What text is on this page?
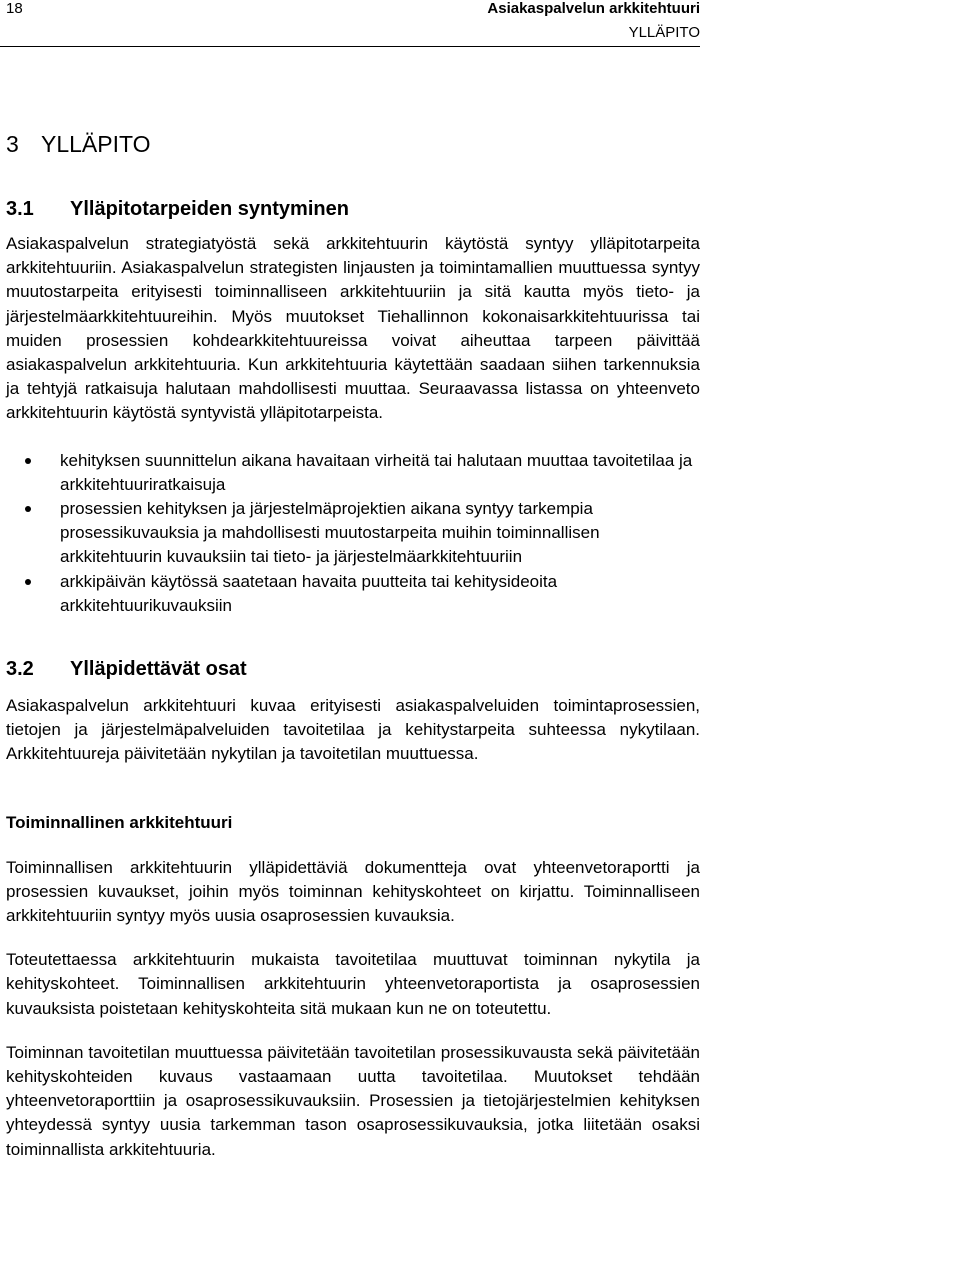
18	Asiakaspalvelun arkkitehtuuri
YLLÄPITO
3 YLLÄPITO
3.1 Ylläpitotarpeiden syntyminen

Asiakaspalvelun strategiatyöstä sekä arkkitehtuurin käytöstä syntyy ylläpitotarpeita arkkitehtuuriin. Asiakaspalvelun strategisten linjausten ja toimintamallien muuttuessa syntyy muutostarpeita erityisesti toiminnalliseen arkkitehtuuriin ja sitä kautta myös tieto- ja järjestelmäarkkitehtuureihin. Myös muutokset Tiehallinnon kokonaisarkkitehtuurissa tai muiden prosessien kohdearkkitehtuureissa voivat aiheuttaa tarpeen päivittää asiakaspalvelun arkkitehtuuria. Kun arkkitehtuuria käytettään saadaan siihen tarkennuksia ja tehtyjä ratkaisuja halutaan mahdollisesti muuttaa. Seuraavassa listassa on yhteenveto arkkitehtuurin käytöstä syntyvistä ylläpitotarpeista.

kehityksen suunnittelun aikana havaitaan virheitä tai halutaan muuttaa tavoitetilaa ja arkkitehtuuriratkaisuja
prosessien kehityksen ja järjestelmäprojektien aikana syntyy tarkempia prosessikuvauksia ja mahdollisesti muutostarpeita muihin toiminnallisen arkkitehtuurin kuvauksiin tai tieto- ja järjestelmäarkkitehtuuriin
arkkipäivän käytössä saatetaan havaita puutteita tai kehitysideoita arkkitehtuurikuvauksiin
3.2 Ylläpidettävät osat

Asiakaspalvelun arkkitehtuuri kuvaa erityisesti asiakaspalveluiden toimintaprosessien, tietojen ja järjestelmäpalveluiden tavoitetilaa ja kehitystarpeita suhteessa nykytilaan. Arkkitehtuureja päivitetään nykytilan ja tavoitetilan muuttuessa.

Toiminnallinen arkkitehtuuri

Toiminnallisen arkkitehtuurin ylläpidettäviä dokumentteja ovat yhteenvetoraportti ja prosessien kuvaukset, joihin myös toiminnan kehityskohteet on kirjattu. Toiminnalliseen arkkitehtuuriin syntyy myös uusia osaprosessien kuvauksia.

Toteutettaessa arkkitehtuurin mukaista tavoitetilaa muuttuvat toiminnan nykytila ja kehityskohteet. Toiminnallisen arkkitehtuurin yhteenvetoraportista ja osaprosessien kuvauksista poistetaan kehityskohteita sitä mukaan kun ne on toteutettu.

Toiminnan tavoitetilan muuttuessa päivitetään tavoitetilan prosessikuvausta sekä päivitetään kehityskohteiden kuvaus vastaamaan uutta tavoitetilaa. Muutokset tehdään yhteenvetoraporttiin ja osaprosessikuvauksiin. Prosessien ja tietojärjestelmien kehityksen yhteydessä syntyy uusia tarkemman tason osaprosessikuvauksia, jotka liitetään osaksi toiminnallista arkkitehtuuria.
